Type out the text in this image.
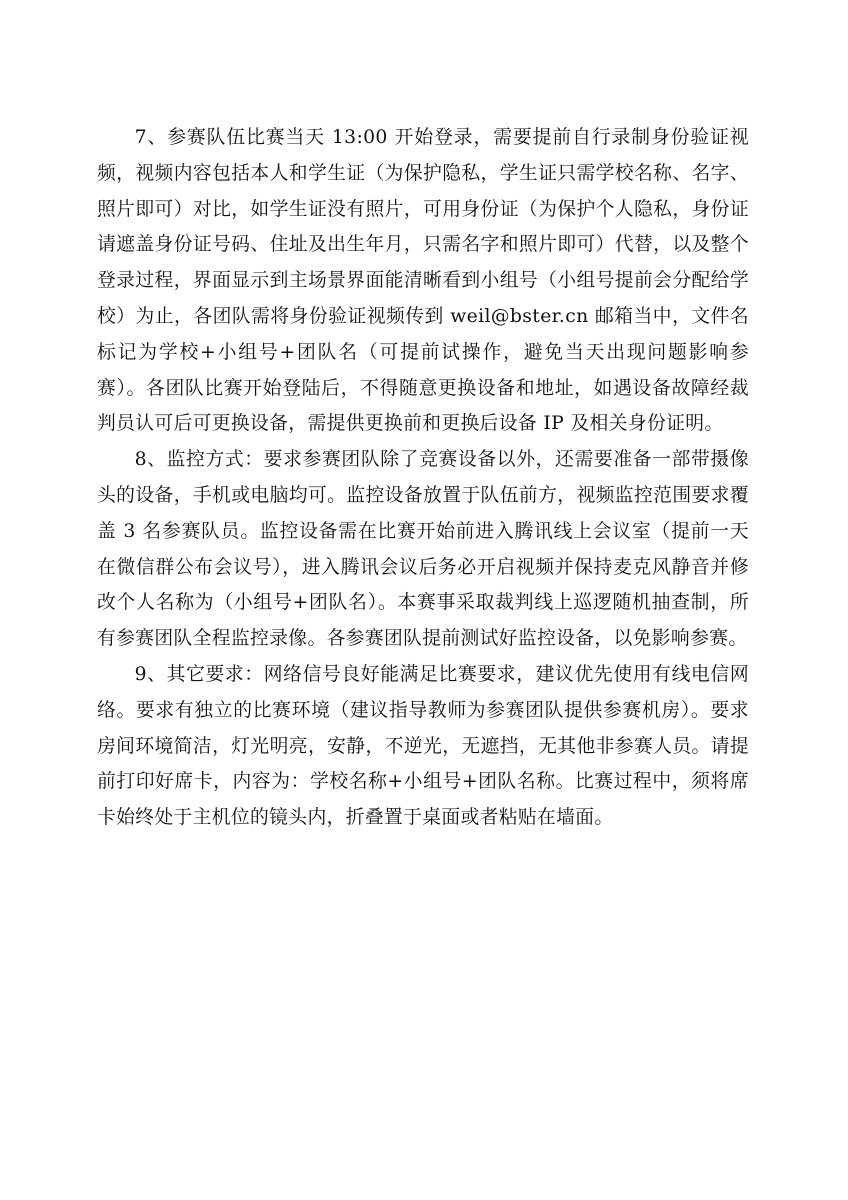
7、参赛队伍比赛当天 13:00 开始登录，需要提前自行录制身份验证视频，视频内容包括本人和学生证（为保护隐私，学生证只需学校名称、名字、照片即可）对比，如学生证没有照片，可用身份证（为保护个人隐私，身份证请遮盖身份证号码、住址及出生年月，只需名字和照片即可）代替，以及整个登录过程，界面显示到主场景界面能清晰看到小组号（小组号提前会分配给学校）为止，各团队需将身份验证视频传到 weil@bster.cn 邮箱当中，文件名标记为学校+小组号+团队名（可提前试操作，避免当天出现问题影响参赛）。各团队比赛开始登陆后，不得随意更换设备和地址，如遇设备故障经裁判员认可后可更换设备，需提供更换前和更换后设备 IP 及相关身份证明。

8、监控方式：要求参赛团队除了竞赛设备以外，还需要准备一部带摄像头的设备，手机或电脑均可。监控设备放置于队伍前方，视频监控范围要求覆盖 3 名参赛队员。监控设备需在比赛开始前进入腾讯线上会议室（提前一天在微信群公布会议号），进入腾讯会议后务必开启视频并保持麦克风静音并修改个人名称为（小组号+团队名）。本赛事采取裁判线上巡逻随机抽查制，所有参赛团队全程监控录像。各参赛团队提前测试好监控设备，以免影响参赛。

9、其它要求：网络信号良好能满足比赛要求，建议优先使用有线电信网络。要求有独立的比赛环境（建议指导教师为参赛团队提供参赛机房）。要求房间环境简洁，灯光明亮，安静，不逆光，无遮挡，无其他非参赛人员。请提前打印好席卡，内容为：学校名称+小组号+团队名称。比赛过程中，须将席卡始终处于主机位的镜头内，折叠置于桌面或者粘贴在墙面。
